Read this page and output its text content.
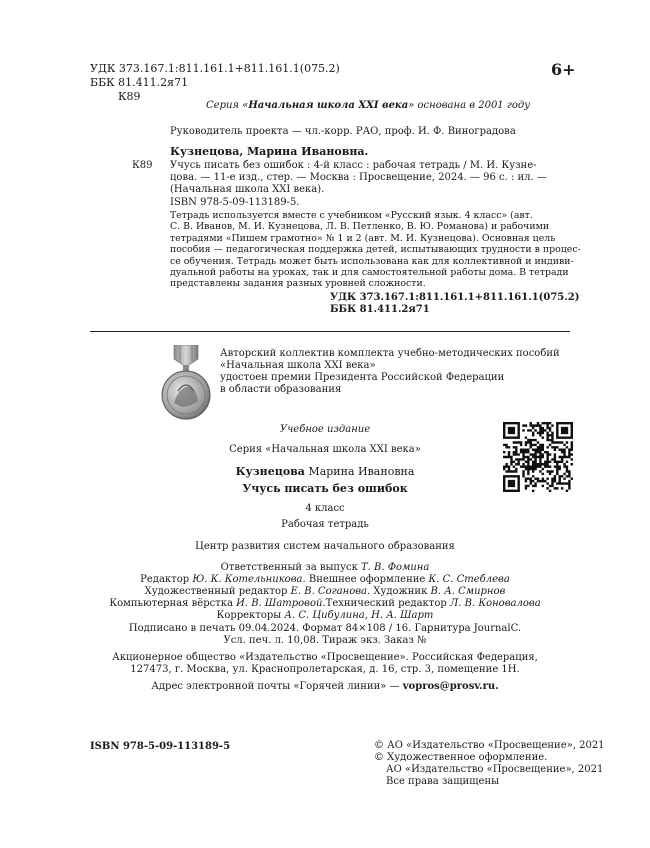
УДК 373.167.1:811.161.1+811.161.1(075.2)
ББК 81.411.2я71
К89
6+
Серия «Начальная школа XXI века» основана в 2001 году
Руководитель проекта — чл.-корр. РАО, проф. И. Ф. Виноградова
Кузнецова, Марина Ивановна.
К89 Учусь писать без ошибок : 4-й класс : рабочая тетрадь / М. И. Кузне-
цова. — 11-е изд., стер. — Москва : Просвещение, 2024. — 96 с. : ил. —
(Начальная школа XXI века).
ISBN 978-5-09-113189-5.
Тетрадь используется вместе с учебником «Русский язык. 4 класс» (авт.
С. В. Иванов, М. И. Кузнецова, Л. В. Петленко, В. Ю. Романова) и рабочими
тетрадями «Пишем грамотно» № 1 и 2 (авт. М. И. Кузнецова). Основная цель
пособия — педагогическая поддержка детей, испытывающих трудности в процес-
се обучения. Тетрадь может быть использована как для коллективной и индиви-
дуальной работы на уроках, так и для самостоятельной работы дома. В тетради
представлены задания разных уровней сложности.
УДК 373.167.1:811.161.1+811.161.1(075.2)
ББК 81.411.2я71
Авторский коллектив комплекта учебно-методических пособий
«Начальная школа XXI века»
удостоен премии Президента Российской Федерации
в области образования
Учебное издание
Серия «Начальная школа XXI века»
Кузнецова Марина Ивановна
Учусь писать без ошибок
4 класс
Рабочая тетрадь
Центр развития систем начального образования
Ответственный за выпуск Т. В. Фомина
Редактор Ю. К. Котельникова. Внешнее оформление К. С. Стеблева
Художественный редактор Е. В. Соганова. Художник В. А. Смирнов
Компьютерная вёрстка И. В. Шатровой.Технический редактор Л. В. Коновалова
Корректоры А. С. Цибулина, Н. А. Шарт
Подписано в печать 09.04.2024. Формат 84×108 / 16. Гарнитура JournalC.
Усл. печ. л. 10,08. Тираж экз. Заказ №
Акционерное общество «Издательство «Просвещение». Российская Федерация,
127473, г. Москва, ул. Краснопролетарская, д. 16, стр. 3, помещение 1Н.
Адрес электронной почты «Горячей линии» — vopros@prosv.ru.
ISBN 978-5-09-113189-5	© АО «Издательство «Просвещение», 2021
© Художественное оформление.
АО «Издательство «Просвещение», 2021
Все права защищены
